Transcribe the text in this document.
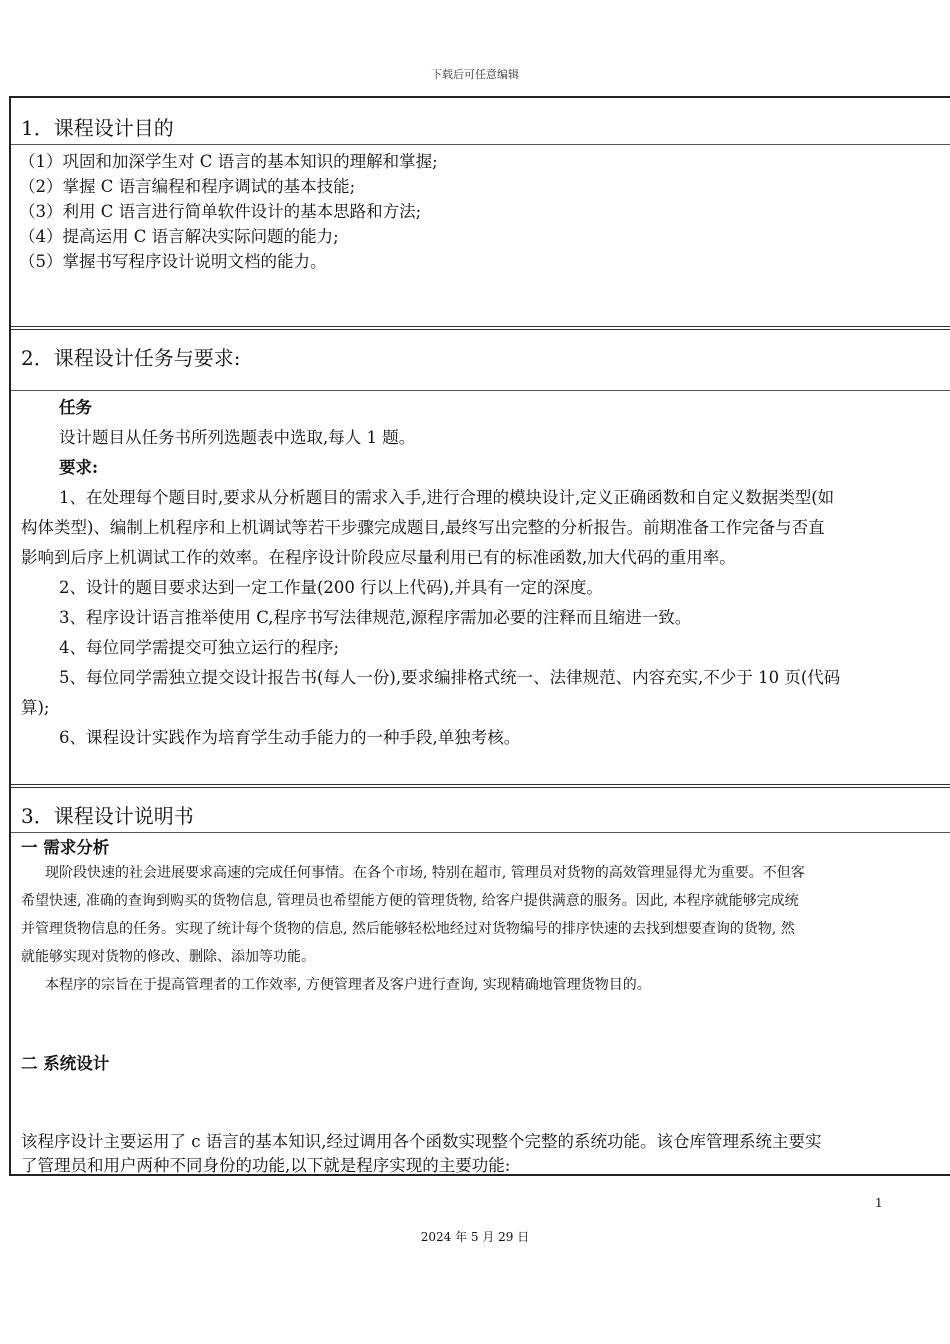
下载后可任意编辑
1．课程设计目的
（1）巩固和加深学生对 C 语言的基本知识的理解和掌握;
（2）掌握 C 语言编程和程序调试的基本技能;
（3）利用 C 语言进行简单软件设计的基本思路和方法;
（4）提高运用 C 语言解决实际问题的能力;
（5）掌握书写程序设计说明文档的能力。
2．课程设计任务与要求:
任务
设计题目从任务书所列选题表中选取,每人 1 题。
要求:
1、在处理每个题目时,要求从分析题目的需求入手,进行合理的模块设计,定义正确函数和自定义数据类型(如
构体类型)、编制上机程序和上机调试等若干步骤完成题目,最终写出完整的分析报告。前期准备工作完备与否直
影响到后序上机调试工作的效率。在程序设计阶段应尽量利用已有的标准函数,加大代码的重用率。
2、设计的题目要求达到一定工作量(200 行以上代码),并具有一定的深度。
3、程序设计语言推举使用 C,程序书写法律规范,源程序需加必要的注释而且缩进一致。
4、每位同学需提交可独立运行的程序;
5、每位同学需独立提交设计报告书(每人一份),要求编排格式统一、法律规范、内容充实,不少于 10 页(代码
算);
6、课程设计实践作为培育学生动手能力的一种手段,单独考核。
3．课程设计说明书
一 需求分析
现阶段快速的社会进展要求高速的完成任何事情。在各个市场, 特别在超市, 管理员对货物的高效管理显得尤为重要。不但客
希望快速, 准确的查询到购买的货物信息, 管理员也希望能方便的管理货物, 给客户提供满意的服务。因此, 本程序就能够完成统
并管理货物信息的任务。实现了统计每个货物的信息, 然后能够轻松地经过对货物编号的排序快速的去找到想要查询的货物, 然
就能够实现对货物的修改、删除、添加等功能。
本程序的宗旨在于提高管理者的工作效率, 方便管理者及客户进行查询, 实现精确地管理货物目的。
二 系统设计
该程序设计主要运用了 c 语言的基本知识,经过调用各个函数实现整个完整的系统功能。该仓库管理系统主要实
了管理员和用户两种不同身份的功能,以下就是程序实现的主要功能:
1
2024 年 5 月 29 日
